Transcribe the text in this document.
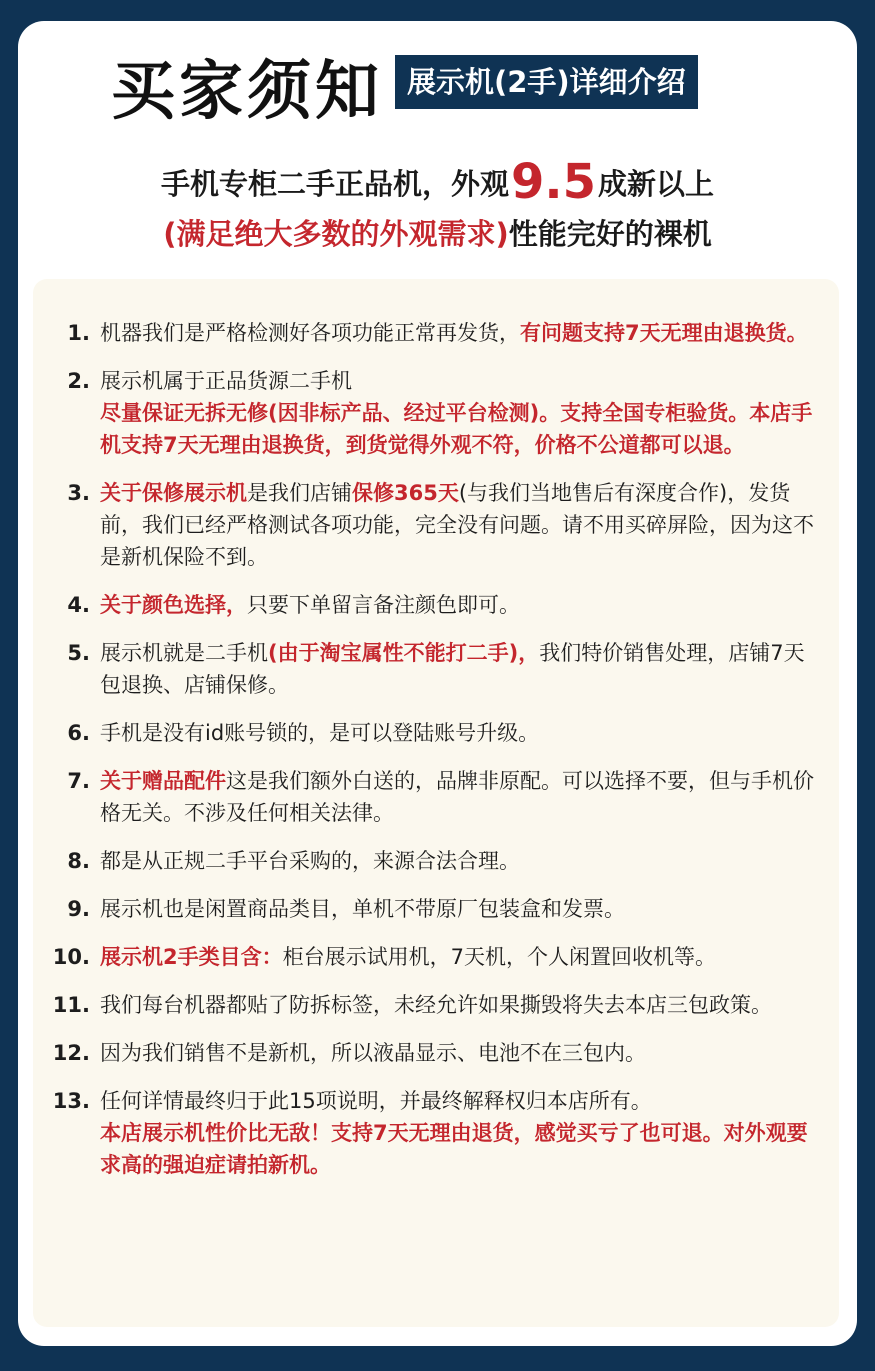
买家须知 展示机(2手)详细介绍
手机专柜二手正品机，外观9.5成新以上
(满足绝大多数的外观需求)性能完好的裸机
1. 机器我们是严格检测好各项功能正常再发货，有问题支持7天无理由退换货。
2. 展示机属于正品货源二手机
尽量保证无拆无修(因非标产品、经过平台检测)。支持全国专柜验货。本店手机支持7天无理由退换货，到货觉得外观不符，价格不公道都可以退。
3. 关于保修展示机是我们店铺保修365天(与我们当地售后有深度合作)，发货前，我们已经严格测试各项功能，完全没有问题。请不用买碎屏险，因为这不是新机保险不到。
4. 关于颜色选择，只要下单留言备注颜色即可。
5. 展示机就是二手机(由于淘宝属性不能打二手)，我们特价销售处理，店铺7天包退换、店铺保修。
6. 手机是没有id账号锁的，是可以登陆账号升级。
7. 关于赠品配件这是我们额外白送的，品牌非原配。可以选择不要，但与手机价格无关。不涉及任何相关法律。
8. 都是从正规二手平台采购的，来源合法合理。
9. 展示机也是闲置商品类目，单机不带原厂包装盒和发票。
10. 展示机2手类目含：柜台展示试用机，7天机，个人闲置回收机等。
11. 我们每台机器都贴了防拆标签，未经允许如果撕毁将失去本店三包政策。
12. 因为我们销售不是新机，所以液晶显示、电池不在三包内。
13. 任何详情最终归于此15项说明，并最终解释权归本店所有。
本店展示机性价比无敌！支持7天无理由退货，感觉买亏了也可退。对外观要求高的强迫症请拍新机。
